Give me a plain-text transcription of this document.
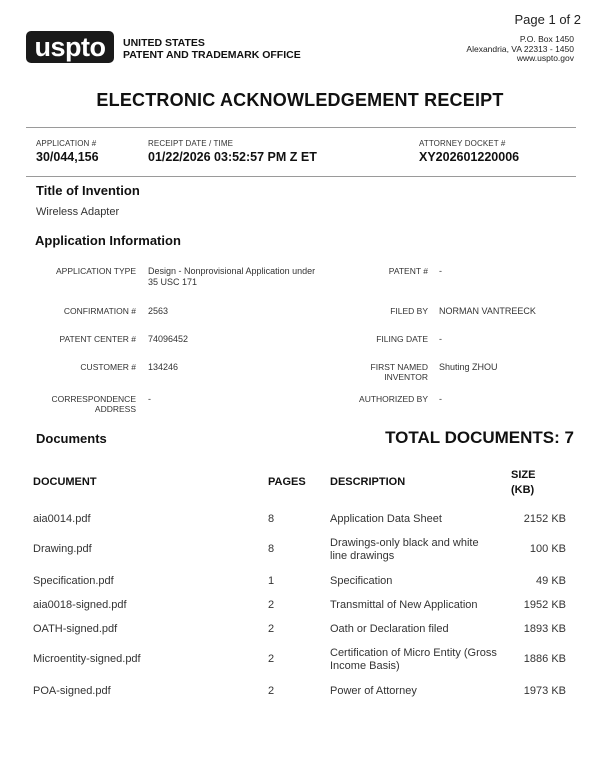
Page 1 of 2
uspto	UNITED STATES
PATENT AND TRADEMARK OFFICE
P.O. Box 1450
Alexandria, VA 22313 - 1450
www.uspto.gov
ELECTRONIC ACKNOWLEDGEMENT RECEIPT
APPLICATION #
30/044,156
RECEIPT DATE / TIME
01/22/2026 03:52:57 PM Z ET
ATTORNEY DOCKET #
XY202601220006
Title of Invention
Wireless Adapter
Application Information
APPLICATION TYPE Design - Nonprovisional Application under 35 USC 171
CONFIRMATION # 2563
PATENT CENTER # 74096452
CUSTOMER # 134246
CORRESPONDENCE ADDRESS
-
PATENT # -
FILED BY NORMAN VANTREECK
FILING DATE -
FIRST NAMED INVENTOR
Shuting ZHOU
AUTHORIZED BY -
Documents	TOTAL DOCUMENTS: 7
DOCUMENT	PAGES DESCRIPTION
SIZE (KB)
aia0014.pdf	8	Application Data Sheet	2152 KB
Drawing.pdf	8	Drawings-only black and white line drawings
100 KB
Specification.pdf	1	Specification	49 KB
aia0018-signed.pdf	2	Transmittal of New Application	1952 KB
OATH-signed.pdf	2	Oath or Declaration filed	1893 KB
Microentity-signed.pdf	2	Certification of Micro Entity (Gross Income Basis)
1886 KB
POA-signed.pdf	2	Power of Attorney	1973 KB
